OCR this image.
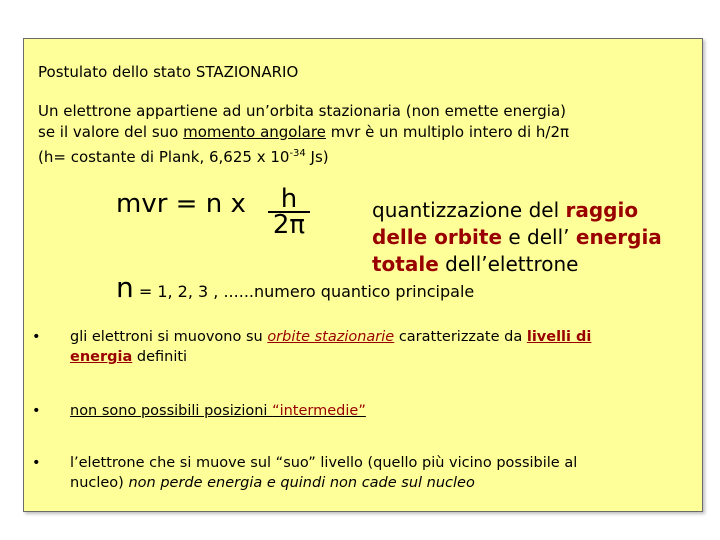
Postulato dello stato STAZIONARIO
Un elettrone appartiene ad un’orbita stazionaria (non emette energia)
se il valore del suo momento angolare mvr è un multiplo intero di h/2π
(h= costante di Plank, 6,625 x $10^{-34}$ Js)
mvr = n x $\frac{h}{2\pi}$	quantizzazione del raggio
delle orbite e dell’ energia
totale dell’elettrone
n = 1, 2, 3 , ......numero quantico principale
• gli elettroni si muovono su orbite stazionarie caratterizzate da livelli di
energia definiti
• non sono possibili posizioni “intermedie”
• l’elettrone che si muove sul “suo” livello (quello più vicino possibile al
nucleo) non perde energia e quindi non cade sul nucleo
